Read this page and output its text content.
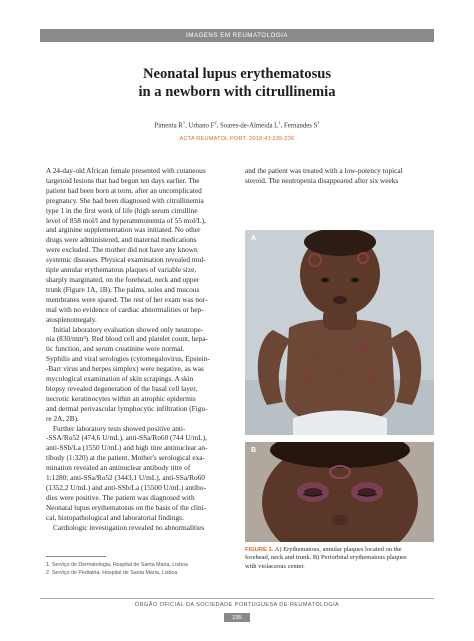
IMAGENS EM REUMATOLOGIA
Neonatal lupus erythematosus
in a newborn with citrullinemia
Pimenta $R^1$, Urbano $F^2$, Soares-de-Almeida $L^1$, Fernandes $S^1$
ACTA REUMATOL PORT. 2018;43:235-236
A 24-day-old African female presented with cutaneous
targetoid lesions that had begun ten days earlier. The
patient had been born at term, after an uncomplicated
pregnancy. She had been diagnosed with citrullinemia
type 1 in the first week of life (high serum citrulline
level of 858 mol/l and hyperammonemia of 55 mol/L),
and arginine supplementation was initiated. No other
drugs were administered, and maternal medications
were excluded. The mother did not have any known
systemic diseases. Physical examination revealed mul-
tiple annular erythematous plaques of variable size,
sharply marginated, on the forehead, neck and upper
trunk (Figure 1A, 1B). The palms, soles and mucous
membranes were spared. The rest of her exam was nor-
mal with no evidence of cardiac abnormalities or hep-
atosplenomegaly.
Initial laboratory evaluation showed only neutrope-
nia (830/mm³). Red blood cell and platelet count, hepa-
tic function, and serum creatinine were normal.
Syphilis and viral serologies (cytomegalovirus, Epstein-
-Barr virus and herpes simplex) were negative, as was
mycological examination of skin scrapings. A skin
biopsy revealed degeneration of the basal cell layer,
necrotic keratinocytes within an atrophic epidermis
and dermal perivascular lymphocytic infiltration (Figu-
re 2A, 2B).
Further laboratory tests showed positive anti-
-SSA/Ro52 (474,6 U/mL), anti-SSa/Ro60 (744 U/mL),
anti-SSb/La (1550 U/mL) and high titre antinuclear an-
tibody (1:320) at the patient. Mother's serological exa-
mination revealed an antinuclear antibody titre of
1:1280; anti-SSa/Ro52 (3443,1 U/mL), anti-SSa/Ro60
(1352,2 U/mL) and anti-SSb/La (15500 U/mL) antibo-
dies were positive. The patient was diagnosed with
Neonatal lupus erythematosus on the basis of the clini-
cal, histopathological and laboratorial findings.
Cardiologic investigation revealed no abnormalities
and the patient was treated with a low-potency topical
steroid. The neutropenia disappeared after six weeks
A
B
FIGURE 1. A) Erythematous, annular plaques located on the
forehead, neck and trunk. B) Periorbital erythematous plaques
with violaceous center.
1. Serviço de Dermatologia, Hospital de Santa Maria, Lisboa
2. Serviço de Pediatria, Hospital de Santa Maria, Lisboa
ÓRGÃO OFICIAL DA SOCIEDADE PORTUGUESA DE REUMATOLOGIA
235
